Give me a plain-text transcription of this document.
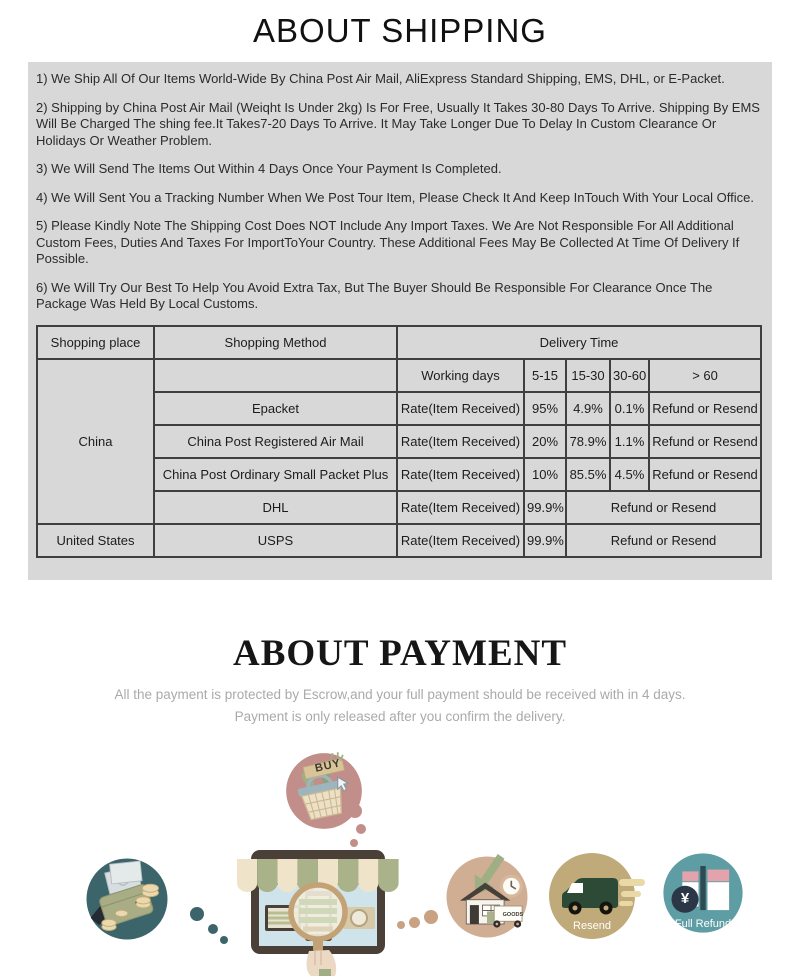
ABOUT SHIPPING

1) We Ship All Of Our Items World-Wide By China Post Air Mail, AliExpress Standard Shipping, EMS, DHL, or E-Packet.

2) Shipping by China Post Air Mail (Weiqht Is Under 2kg) Is For Free, Usually It Takes 30-80 Days To Arrive. Shipping By EMS Will Be Charged The shing fee.It Takes7-20 Days To Arrive. It May Take Longer Due To Delay In Custom Clearance Or Holidays Or Weather Problem.

3) We Will Send The Items Out Within 4 Days Once Your Payment Is Completed.

4) We Will Sent You a Tracking Number When We Post Tour Item, Please Check It And Keep InTouch With Your Local Office.

5) Please Kindly Note The Shipping Cost Does NOT Include Any Import Taxes. We Are Not Responsible For All Additional Custom Fees, Duties And Taxes For ImportToYour Country. These Additional Fees May Be Collected At Time Of Delivery If Possible.

6) We Will Try Our Best To Help You Avoid Extra Tax, But The Buyer Should Be Responsible For Clearance Once The Package Was Held By Local Customs.

Shopping place	Shopping Method	Delivery Time				
China		Working days	5-15	15-30	30-60	> 60
	Epacket	Rate(Item Received)	95%	4.9%	0.1%	Refund or Resend
	China Post Registered Air Mail	Rate(Item Received)	20%	78.9%	1.1%	Refund or Resend
	China Post Ordinary Small Packet Plus	Rate(Item Received)	10%	85.5%	4.5%	Refund or Resend
	DHL	Rate(Item Received)	99.9%	Refund or Resend		
United States	USPS	Rate(Item Received)	99.9%	Refund or Resend		
ABOUT PAYMENT
All the payment is protected by Escrow,and your full payment should be received with in 4 days.
Payment is only released after you confirm the delivery.
BUY
GOODS
Resend
¥
Full Refund
